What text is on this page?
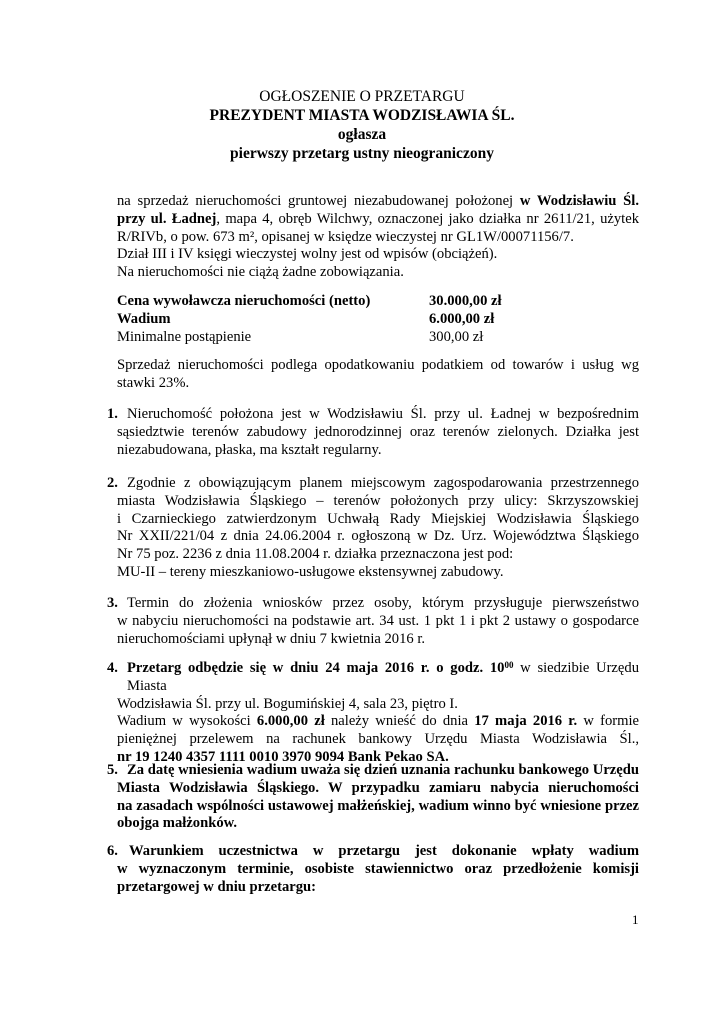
OGŁOSZENIE O PRZETARGU
PREZYDENT MIASTA WODZISŁAWIA ŚL.
ogłasza
pierwszy przetarg ustny nieograniczony
na sprzedaż nieruchomości gruntowej niezabudowanej położonej w Wodzisławiu Śl.
przy ul. Ładnej, mapa 4, obręb Wilchwy, oznaczonej jako działka nr 2611/21, użytek
R/RIVb, o pow. 673 m², opisanej w księdze wieczystej nr GL1W/00071156/7.
Dział III i IV księgi wieczystej wolny jest od wpisów (obciążeń).
Na nieruchomości nie ciążą żadne zobowiązania.
Cena wywoławcza nieruchomości (netto)	30.000,00 zł
Wadium	6.000,00 zł
Minimalne postąpienie	300,00 zł
Sprzedaż nieruchomości podlega opodatkowaniu podatkiem od towarów i usług wg
stawki 23%.
1. Nieruchomość położona jest w Wodzisławiu Śl. przy ul. Ładnej w bezpośrednim
sąsiedztwie terenów zabudowy jednorodzinnej oraz terenów zielonych. Działka jest
niezabudowana, płaska, ma kształt regularny.
2. Zgodnie z obowiązującym planem miejscowym zagospodarowania przestrzennego
miasta Wodzisławia Śląskiego – terenów położonych przy ulicy: Skrzyszowskiej
i Czarnieckiego zatwierdzonym Uchwałą Rady Miejskiej Wodzisławia Śląskiego
Nr XXII/221/04 z dnia 24.06.2004 r. ogłoszoną w Dz. Urz. Województwa Śląskiego
Nr 75 poz. 2236 z dnia 11.08.2004 r. działka przeznaczona jest pod:
MU-II – tereny mieszkaniowo-usługowe ekstensywnej zabudowy.
3. Termin do złożenia wniosków przez osoby, którym przysługuje pierwszeństwo
w nabyciu nieruchomości na podstawie art. 34 ust. 1 pkt 1 i pkt 2 ustawy o gospodarce
nieruchomościami upłynął w dniu 7 kwietnia 2016 r.
4. Przetarg odbędzie się w dniu 24 maja 2016 r. o godz. $10^{00}$ w siedzibie Urzędu Miasta
Wodzisławia Śl. przy ul. Bogumińskiej 4, sala 23, piętro I.
Wadium w wysokości 6.000,00 zł należy wnieść do dnia 17 maja 2016 r. w formie
pieniężnej przelewem na rachunek bankowy Urzędu Miasta Wodzisławia Śl.,
nr 19 1240 4357 1111 0010 3970 9094 Bank Pekao SA.
5. Za datę wniesienia wadium uważa się dzień uznania rachunku bankowego Urzędu
Miasta Wodzisławia Śląskiego. W przypadku zamiaru nabycia nieruchomości
na zasadach wspólności ustawowej małżeńskiej, wadium winno być wniesione przez
obojga małżonków.
6. Warunkiem uczestnictwa w przetargu jest dokonanie wpłaty wadium
w wyznaczonym terminie, osobiste stawiennictwo oraz przedłożenie komisji
przetargowej w dniu przetargu:
1
